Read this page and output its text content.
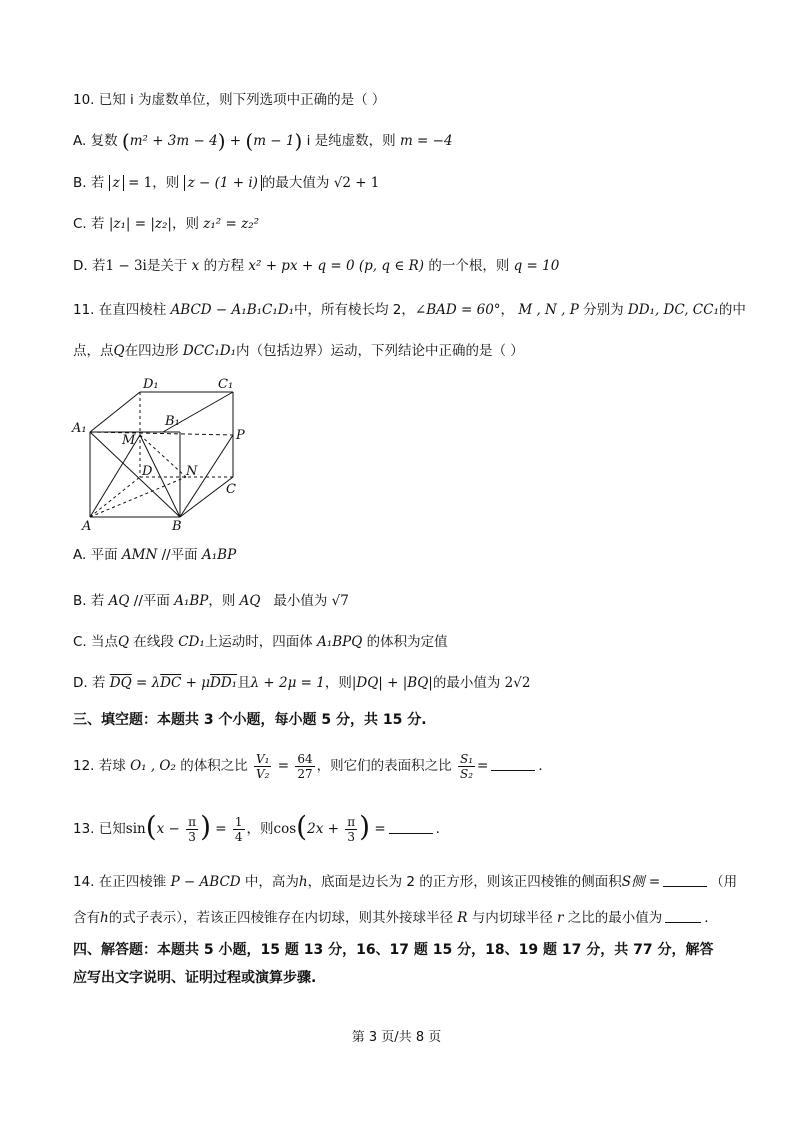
10. 已知 i 为虚数单位，则下列选项中正确的是（ ）
A. 复数 (m² + 3m − 4) + (m − 1) i 是纯虚数，则 m = −4
B. 若 z = 1，则 z − (1 + i) 的最大值为 √2 + 1
C. 若 |z₁| = |z₂|，则 z₁² = z₂²
D. 若1 − 3i是关于 x 的方程 x² + px + q = 0 (p, q ∈ R) 的一个根，则 q = 10
11. 在直四棱柱 ABCD − A₁B₁C₁D₁中，所有棱长均 2，∠BAD = 60°， M , N , P 分别为 DD₁, DC, CC₁的中
点，点Q在四边形 DCC₁D₁内（包括边界）运动，下列结论中正确的是（ ）
D₁	C₁
A₁	B₁
M	P
D	N
C
A	B
A. 平面 AMN //平面 A₁BP
B. 若 AQ //平面 A₁BP，则 AQ 最小值为 √7
C. 当点Q 在线段 CD₁上运动时，四面体 A₁BPQ 的体积为定值
D. 若 $\overline{DQ} = \lambda\overline{DC} + \mu DD_1$且λ + 2μ = 1，则|DQ| + |BQ|的最小值为 2√2
三、填空题：本题共 3 个小题，每小题 5 分，共 15 分.
12. 若球 O₁ , O₂ 的体积之比 $\frac{\text{V₁}}{\text{V₂}} = \frac{64}{27}$ ，则它们的表面积之比 $\frac{\text{S₁}}{\text{S₂}}$ =	.
13. 已知$\sin(x - \frac{\pi}{3}$ ) = $\frac{1}{4}$ ，则$\cos(2x + \frac{\pi}{3}$ ) =	.
14. 在正四棱锥 P − ABCD 中，高为h，底面是边长为 2 的正方形，则该正四棱锥的侧面积S侧 =	（用
含有h的式子表示），若该正四棱锥存在内切球，则其外接球半径 R 与内切球半径 r 之比的最小值为	.
四、解答题：本题共 5 小题，15 题 13 分，16、17 题 15 分，18、19 题 17 分，共 77 分，解答
应写出文字说明、证明过程或演算步骤.
第 3 页/共 8 页
